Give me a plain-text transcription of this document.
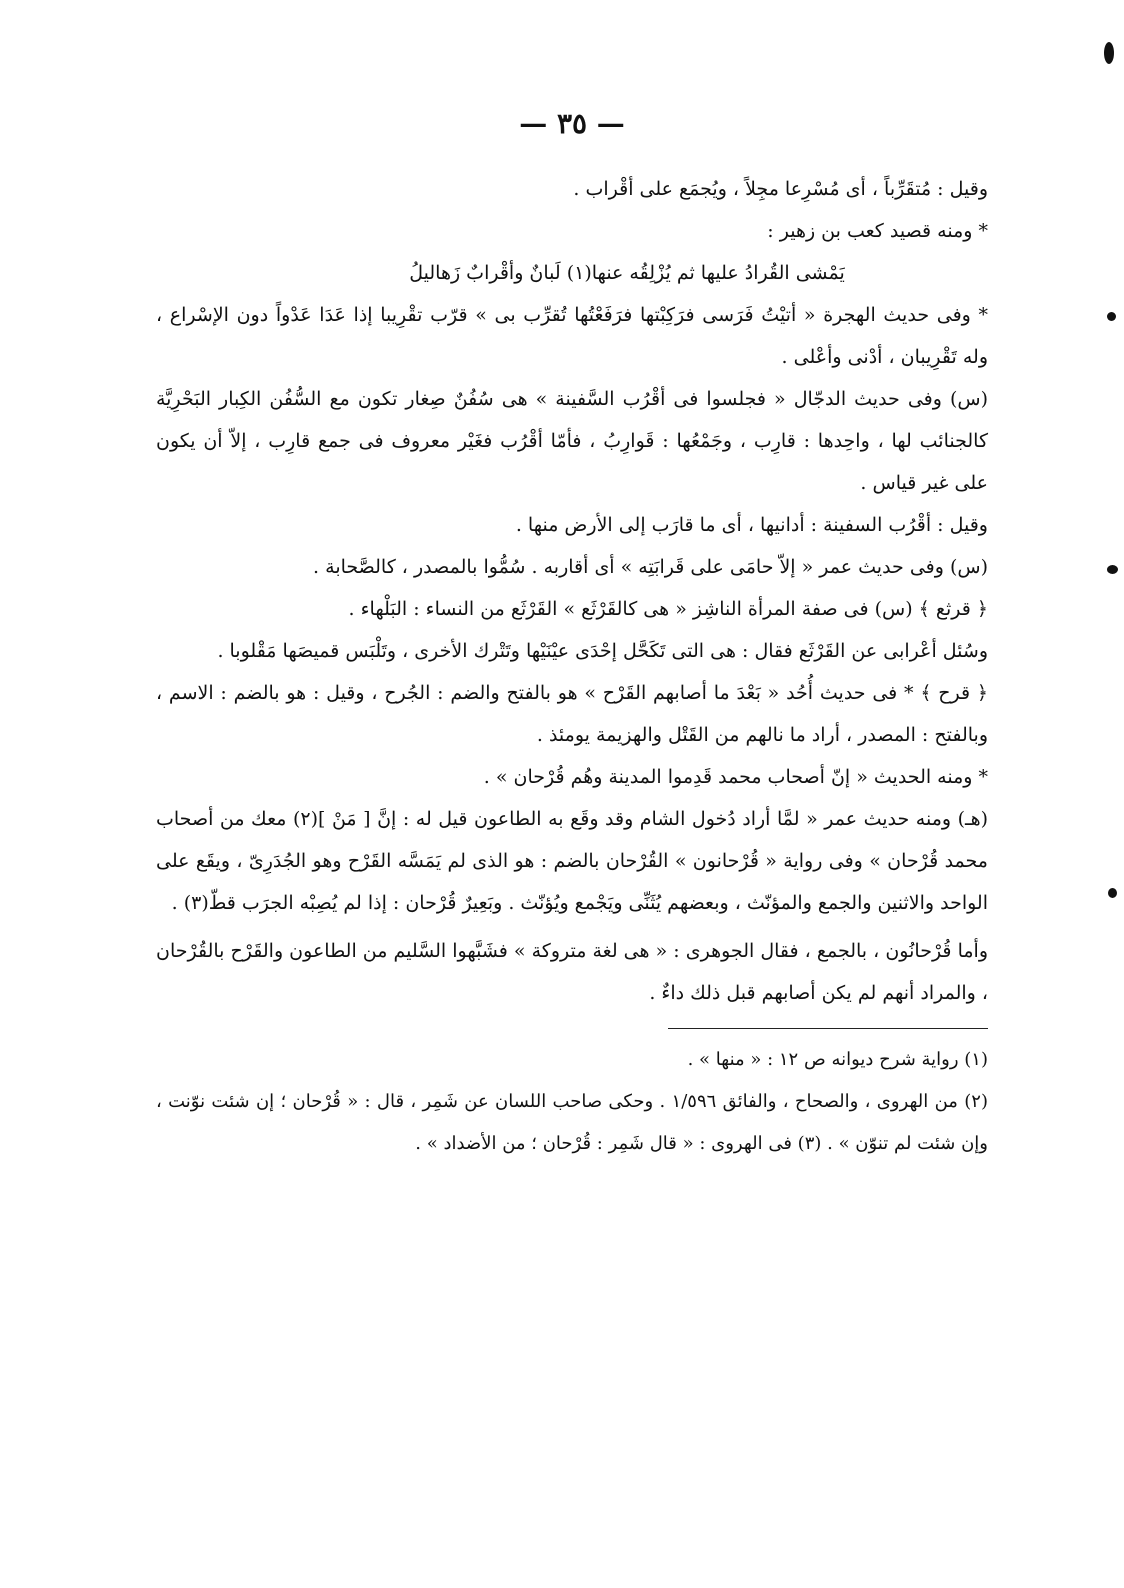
— ٣٥ —

وقيل : مُتقَرِّباً ، أى مُسْرِعا مجِلاً ، ويُجمَع على أقْراب .

* ومنه قصيد كعب بن زهير :

يَمْشى القُرادُ عليها ثم يُزْلِقُه عنها(١) لَبانٌ وأقْرابٌ زَهاليلُ

* وفى حديث الهجرة « أتيْتُ فَرَسى فرَكِبْتها فرَفَعْتُها تُقرِّب بى » قرّب تقْرِيبا إذا عَدَا عَدْواً دون الإسْراع ، وله تَقْرِيبان ، أدْنى وأعْلى .

(س) وفى حديث الدجّال « فجلسوا فى أقْرُب السَّفينة » هى سُفُنٌ صِغار تكون مع السُّفُن الكِبار البَحْرِيَّة كالجنائب لها ، واحِدها : قارِب ، وجَمْعُها : قَوارِبُ ، فأمّا أقْرُب فغَيْر معروف فى جمع قارِب ، إلاّ أن يكون على غير قياس .

وقيل : أقْرُب السفينة : أدانيها ، أى ما قارَب إلى الأرض منها .

(س) وفى حديث عمر « إلاّ حامَى على قَرابَتِه » أى أقاربه . سُمُّوا بالمصدر ، كالصَّحابة .

﴿ قرثع ﴾ (س) فى صفة المرأة الناشِز « هى كالقَرْثَع » القَرْثَع من النساء : البَلْهاء .

وسُئل أعْرابى عن القَرْثَع فقال : هى التى تَكَحَّل إحْدَى عيْنَيْها وتَتْرك الأخرى ، وتَلْبَس قميصَها مَقْلوبا .

﴿ قرح ﴾ * فى حديث أُحُد « بَعْدَ ما أصابهم القَرْح » هو بالفتح والضم : الجُرح ، وقيل : هو بالضم : الاسم ، وبالفتح : المصدر ، أراد ما نالهم من القَتْل والهزيمة يومئذ .

* ومنه الحديث « إنّ أصحاب محمد قَدِموا المدينة وهُم قُرْحان » .

(هـ) ومنه حديث عمر « لمَّا أراد دُخول الشام وقد وقَع به الطاعون قيل له : إنَّ [ مَنْ ](٢) معك من أصحاب محمد قُرْحان » وفى رواية « قُرْحانون » القُرْحان بالضم : هو الذى لم يَمَسَّه القَرْح وهو الجُدَرِىّ ، ويقَع على الواحد والاثنين والجمع والمؤنّث ، وبعضهم يُثَنِّى ويَجْمع ويُؤنّث . وبَعِيرٌ قُرْحان : إذا لم يُصِبْه الجرَب قطّ(٣) .

وأما قُرْحانُون ، بالجمع ، فقال الجوهرى : « هى لغة متروكة » فشَبَّهوا السَّليم من الطاعون والقَرْح بالقُرْحان ، والمراد أنهم لم يكن أصابهم قبل ذلك داءٌ .

(١) رواية شرح ديوانه ص ١٢ : « منها » .

(٢) من الهروى ، والصحاح ، والفائق ١/٥٩٦ . وحكى صاحب اللسان عن شَمِر ، قال : « قُرْحان ؛ إن شئت نوّنت ، وإن شئت لم تنوّن » . (٣) فى الهروى : « قال شَمِر : قُرْحان ؛ من الأضداد » .
